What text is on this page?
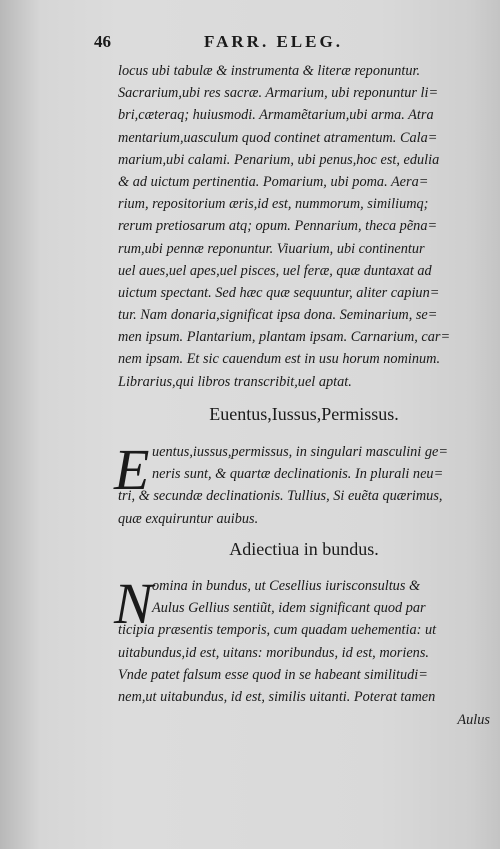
46	FARR. ELEG.
locus ubi tabulæ & instrumenta & literæ reponuntur.
Sacrarium,ubi res sacræ. Armarium, ubi reponuntur li=
bri,cæteraq; huiusmodi. Armamẽtarium,ubi arma. Atra
mentarium,uasculum quod continet atramentum. Cala=
marium,ubi calami. Penarium, ubi penus,hoc est, edulia
& ad uictum pertinentia. Pomarium, ubi poma. Aera=
rium, repositorium æris,id est, nummorum, similiumq;
rerum pretiosarum atq; opum. Pennarium, theca pẽna=
rum,ubi pennæ reponuntur. Viuarium, ubi continentur
uel aues,uel apes,uel pisces, uel feræ, quæ duntaxat ad
uictum spectant. Sed hæc quæ sequuntur, aliter capiun=
tur. Nam donaria,significat ipsa dona. Seminarium, se=
men ipsum. Plantarium, plantam ipsam. Carnarium, car=
nem ipsam. Et sic cauendum est in usu horum nominum.
Librarius,qui libros transcribit,uel aptat.
Euentus,Iussus,Permissus.
E uentus,iussus,permissus, in singulari masculini ge=
neris sunt, & quartæ declinationis. In plurali neu=
tri, & secundæ declinationis. Tullius, Si euẽta quærimus,
quæ exquiruntur auibus.
Adiectiua in bundus.
N omina in bundus, ut Cesellius iurisconsultus &
Aulus Gellius sentiũt, idem significant quod par
ticipia præsentis temporis, cum quadam uehementia: ut
uitabundus,id est, uitans: moribundus, id est, moriens.
Vnde patet falsum esse quod in se habeant similitudi=
nem,ut uitabundus, id est, similis uitanti. Poterat tamen
Aulus
